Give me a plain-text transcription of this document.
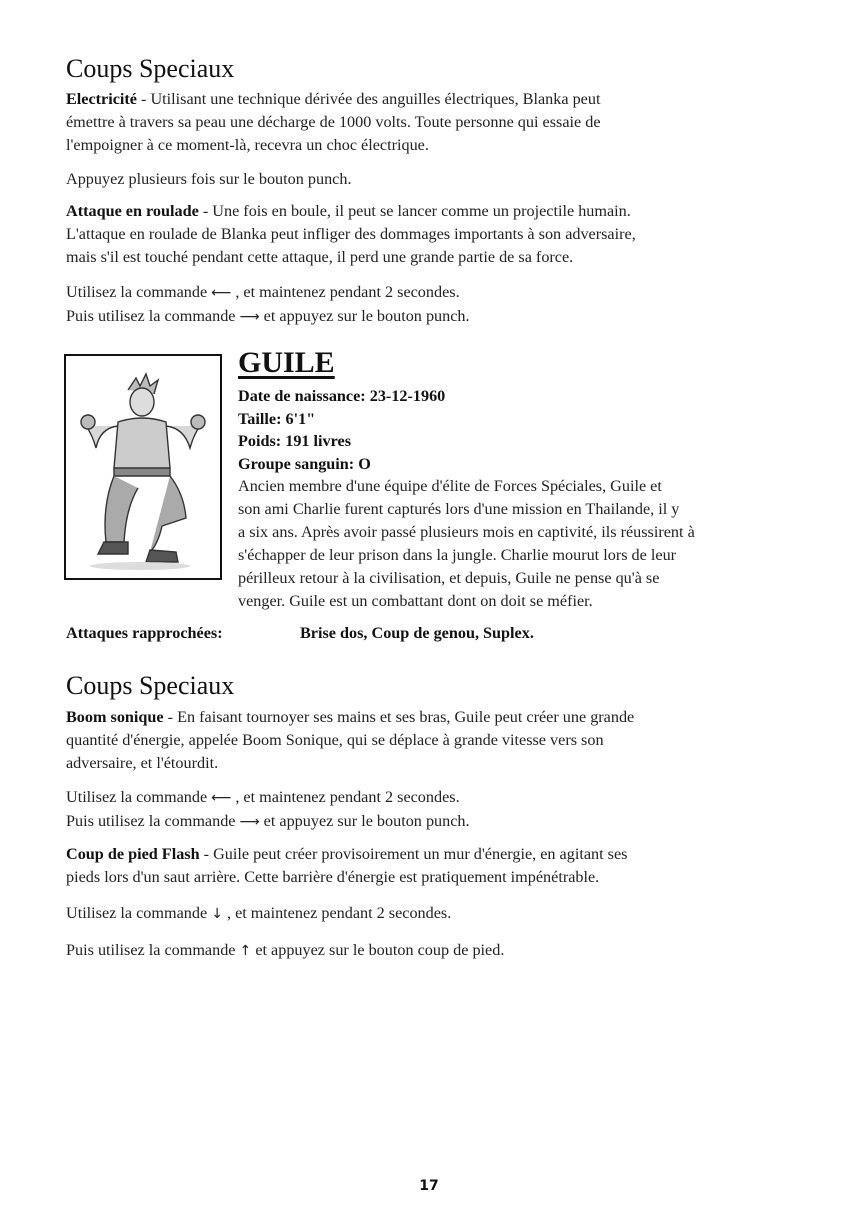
Coups Speciaux

Electricité - Utilisant une technique dérivée des anguilles électriques, Blanka peut
émettre à travers sa peau une décharge de 1000 volts. Toute personne qui essaie de
l'empoigner à ce moment-là, recevra un choc électrique.

Appuyez plusieurs fois sur le bouton punch.

Attaque en roulade - Une fois en boule, il peut se lancer comme un projectile humain.
L'attaque en roulade de Blanka peut infliger des dommages importants à son adversaire,
mais s'il est touché pendant cette attaque, il perd une grande partie de sa force.

Utilisez la commande ⟵ , et maintenez pendant 2 secondes.
Puis utilisez la commande ⟶ et appuyez sur le bouton punch.

GUILE
Date de naissance: 23-12-1960
Taille: 6'1"
Poids: 191 livres
Groupe sanguin: O

Ancien membre d'une équipe d'élite de Forces Spéciales, Guile et
son ami Charlie furent capturés lors d'une mission en Thailande, il y
a six ans. Après avoir passé plusieurs mois en captivité, ils réussirent à
s'échapper de leur prison dans la jungle. Charlie mourut lors de leur
périlleux retour à la civilisation, et depuis, Guile ne pense qu'à se
venger. Guile est un combattant dont on doit se méfier.

Attaques rapprochées:	Brise dos, Coup de genou, Suplex.
Coups Speciaux

Boom sonique - En faisant tournoyer ses mains et ses bras, Guile peut créer une grande
quantité d'énergie, appelée Boom Sonique, qui se déplace à grande vitesse vers son
adversaire, et l'étourdit.

Utilisez la commande ⟵ , et maintenez pendant 2 secondes.
Puis utilisez la commande ⟶ et appuyez sur le bouton punch.

Coup de pied Flash - Guile peut créer provisoirement un mur d'énergie, en agitant ses
pieds lors d'un saut arrière. Cette barrière d'énergie est pratiquement impénétrable.

Utilisez la commande ↓ , et maintenez pendant 2 secondes.

Puis utilisez la commande ↑ et appuyez sur le bouton coup de pied.

17
